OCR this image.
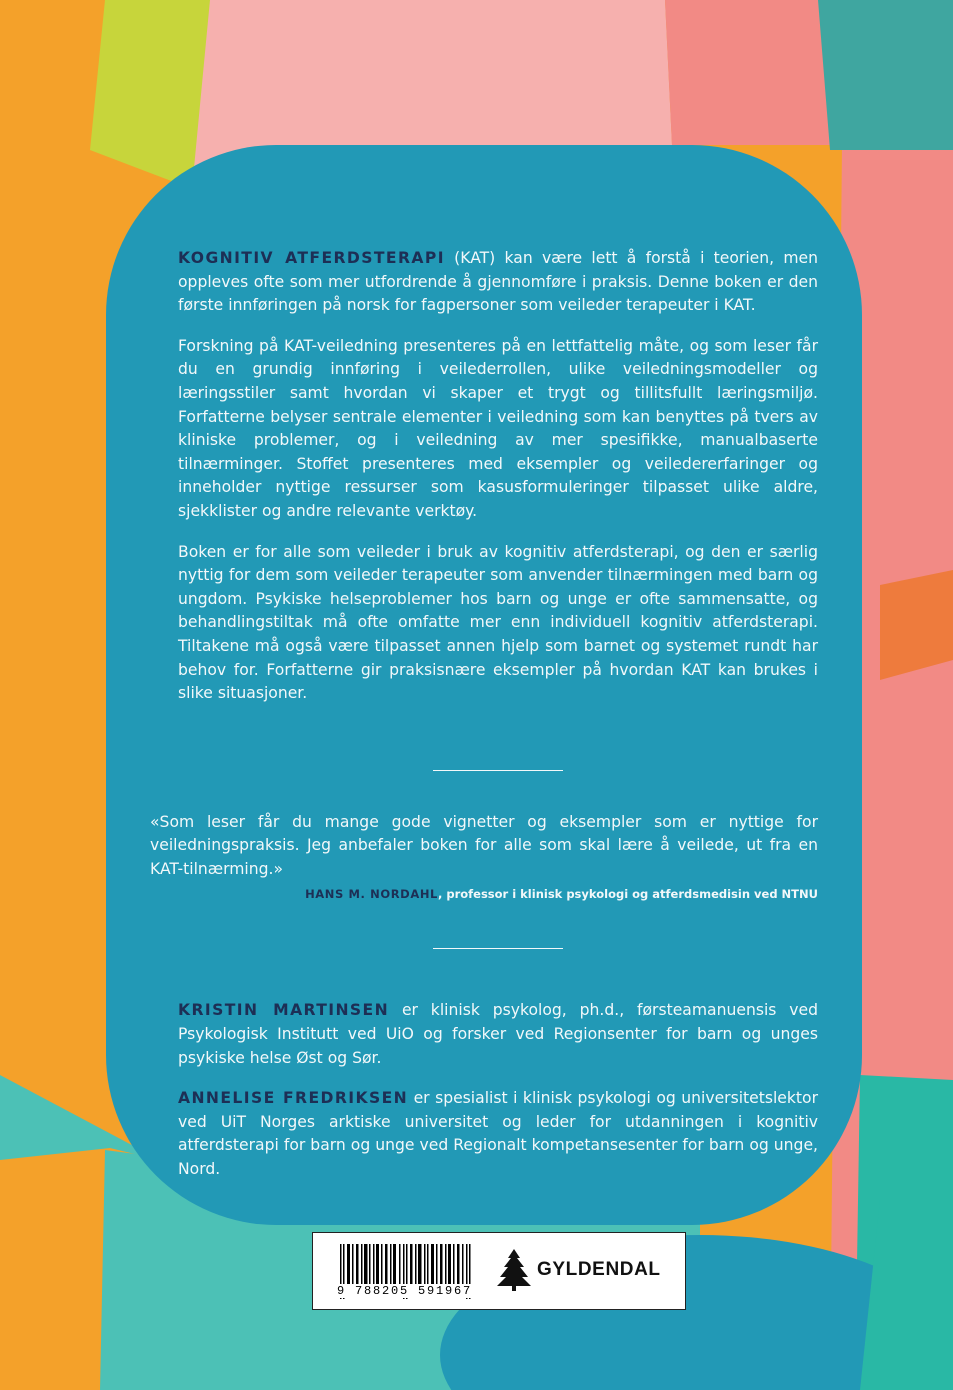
KOGNITIV ATFERDSTERAPI (KAT) kan være lett å forstå i teorien, men oppleves ofte som mer utfordrende å gjennomføre i praksis. Denne boken er den første innføringen på norsk for fagpersoner som veileder terapeuter i KAT.

Forskning på KAT-veiledning presenteres på en lettfattelig måte, og som leser får du en grundig innføring i veilederrollen, ulike veiledningsmodeller og læringsstiler samt hvordan vi skaper et trygt og tillitsfullt læringsmiljø. Forfatterne belyser sentrale elementer i veiledning som kan benyttes på tvers av kliniske problemer, og i veiledning av mer spesifikke, manualbaserte tilnærminger. Stoffet presenteres med eksempler og veiledererfaringer og inneholder nyttige ressurser som kasusformuleringer tilpasset ulike aldre, sjekklister og andre relevante verktøy.

Boken er for alle som veileder i bruk av kognitiv atferdsterapi, og den er særlig nyttig for dem som veileder terapeuter som anvender tilnærmingen med barn og ungdom. Psykiske helseproblemer hos barn og unge er ofte sammensatte, og behandlingstiltak må ofte omfatte mer enn individuell kognitiv atferdsterapi. Tiltakene må også være tilpasset annen hjelp som barnet og systemet rundt har behov for. Forfatterne gir praksisnære eksempler på hvordan KAT kan brukes i slike situasjoner.

«Som leser får du mange gode vignetter og eksempler som er nyttige for veiledningspraksis. Jeg anbefaler boken for alle som skal lære å veilede, ut fra en KAT-tilnærming.»

HANS M. NORDAHL, professor i klinisk psykologi og atferdsmedisin ved NTNU

KRISTIN MARTINSEN er klinisk psykolog, ph.d., førsteamanuensis ved Psykologisk Institutt ved UiO og forsker ved Regionsenter for barn og unges psykiske helse Øst og Sør.

ANNELISE FREDRIKSEN er spesialist i klinisk psykologi og universitetslektor ved UiT Norges arktiske universitet og leder for utdanningen i kognitiv atferdsterapi for barn og unge ved Regionalt kompetansesenter for barn og unge, Nord.

9 788205 591967
GYLDENDAL
